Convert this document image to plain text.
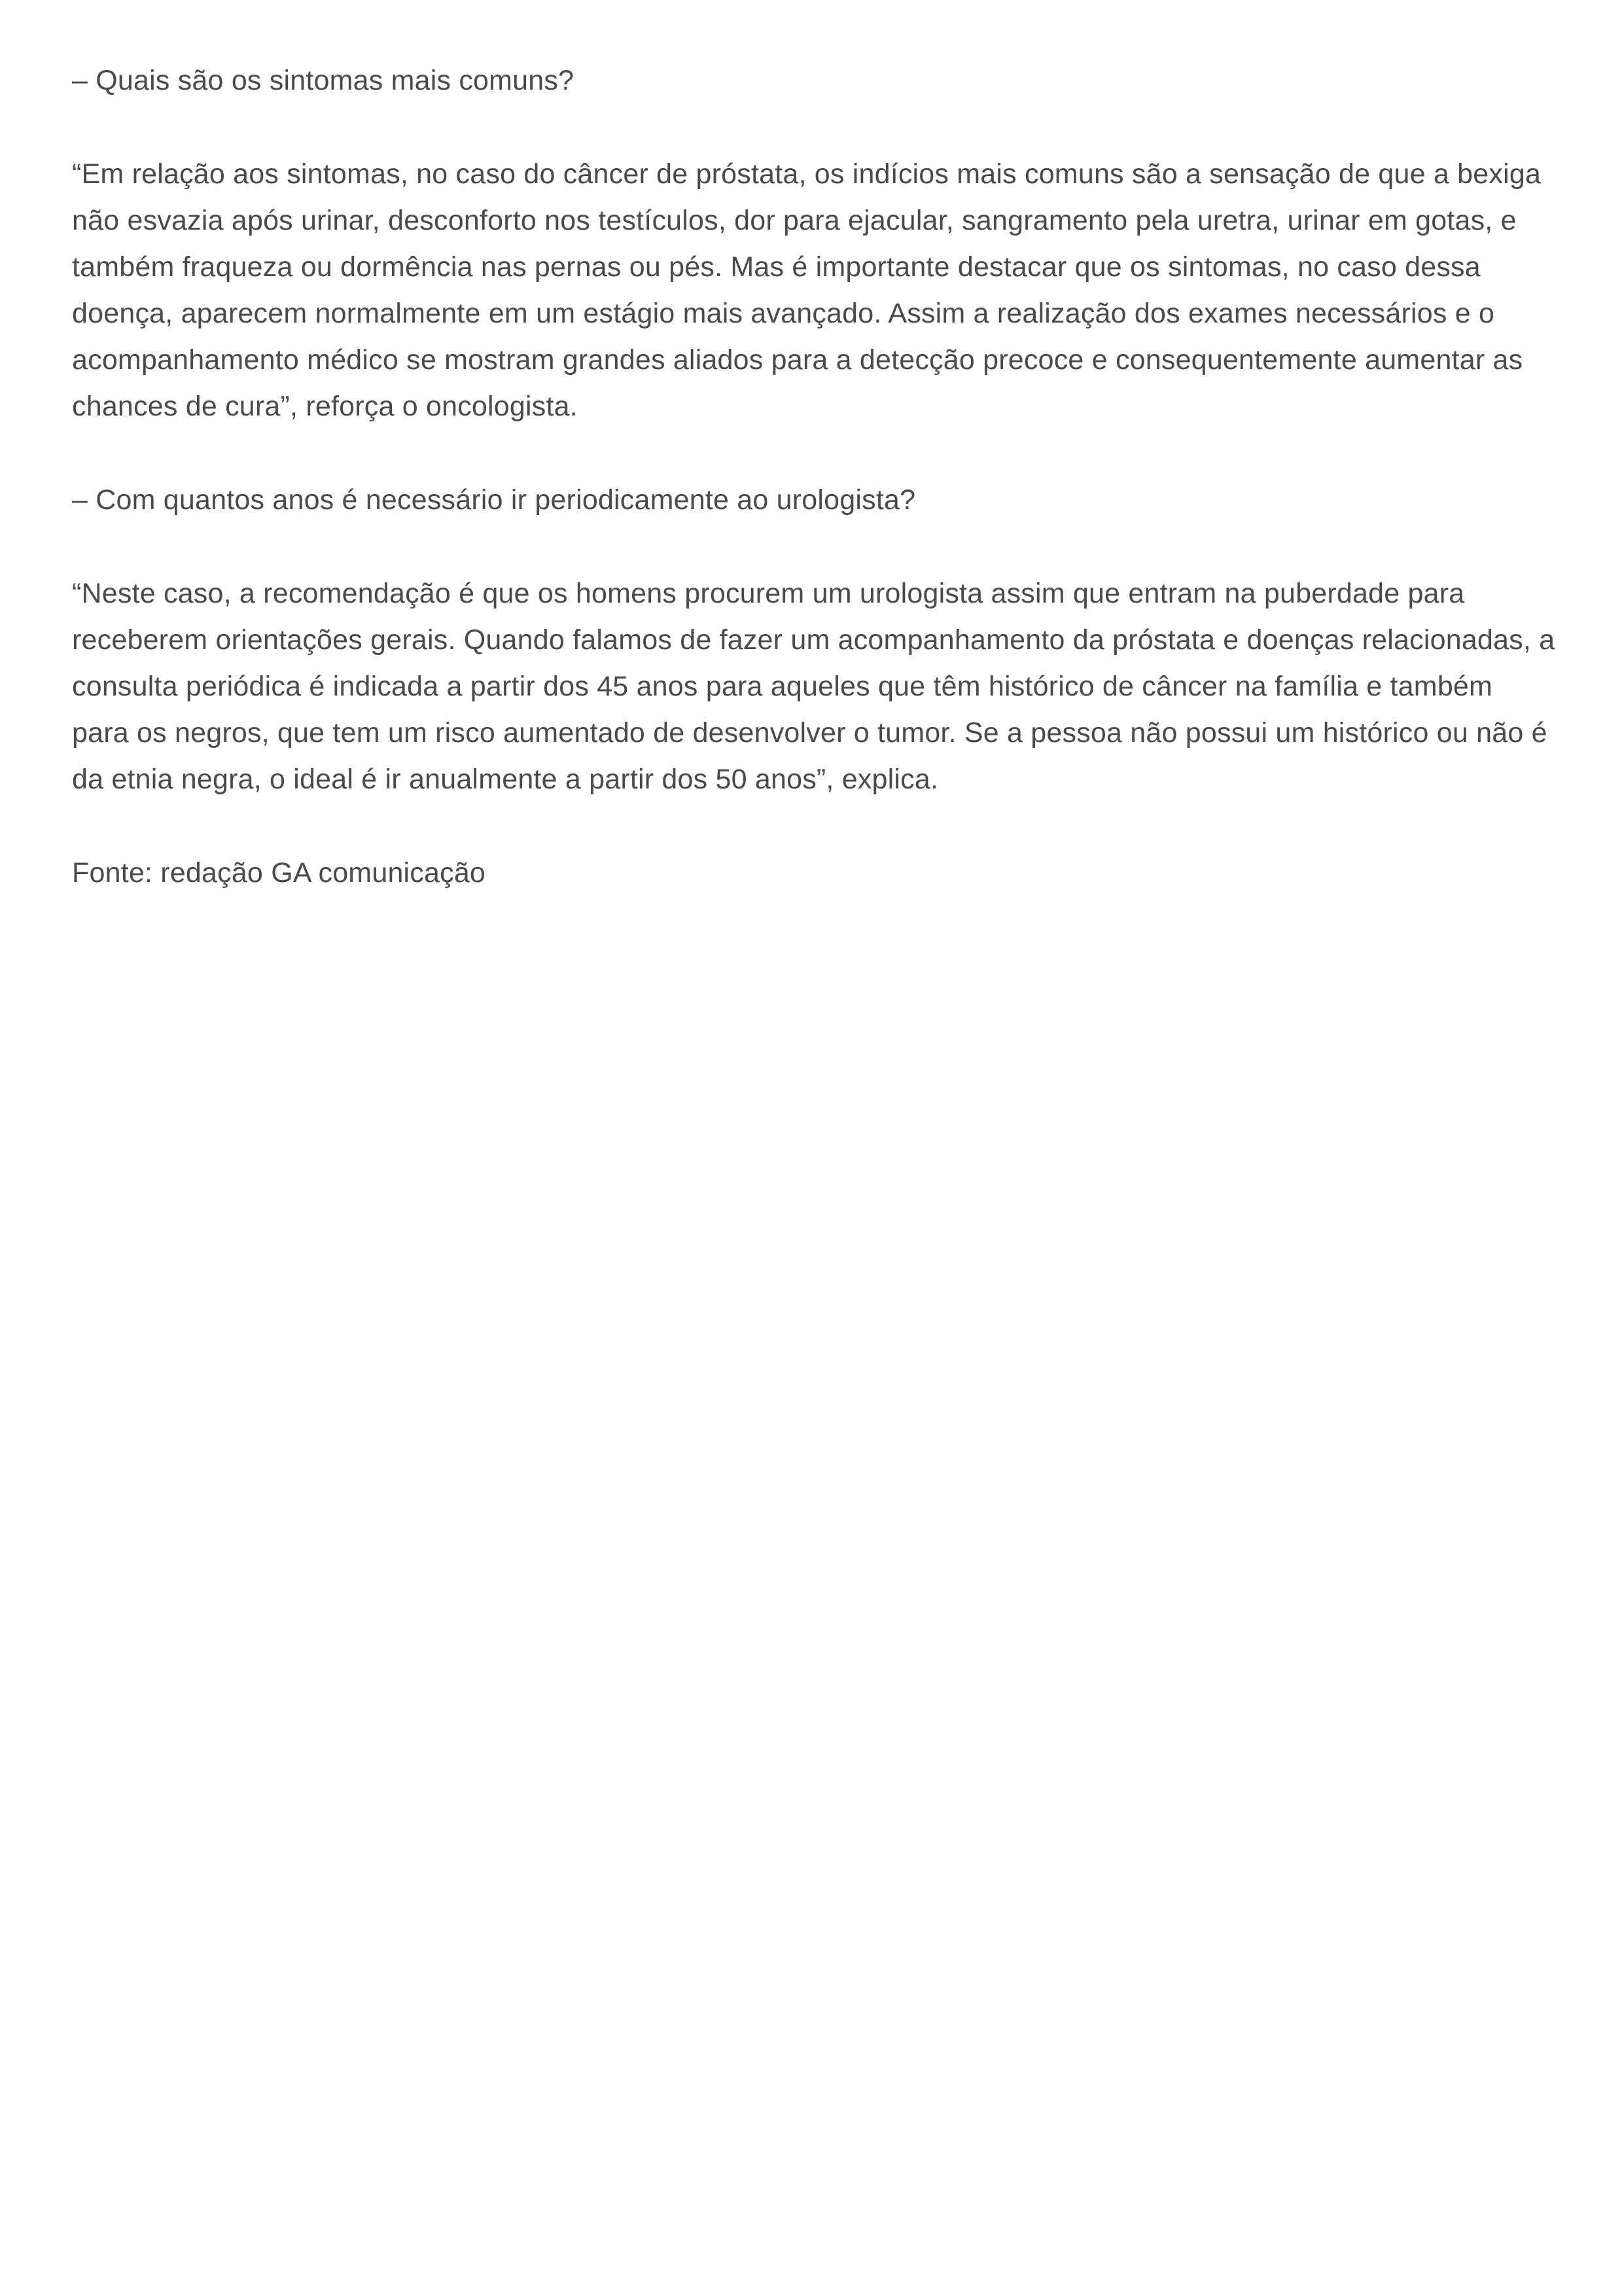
– Quais são os sintomas mais comuns?

“Em relação aos sintomas, no caso do câncer de próstata, os indícios mais comuns são a sensação de que a bexiga não esvazia após urinar, desconforto nos testículos, dor para ejacular, sangramento pela uretra, urinar em gotas, e também fraqueza ou dormência nas pernas ou pés. Mas é importante destacar que os sintomas, no caso dessa doença, aparecem normalmente em um estágio mais avançado. Assim a realização dos exames necessários e o acompanhamento médico se mostram grandes aliados para a detecção precoce e consequentemente aumentar as chances de cura”, reforça o oncologista.

– Com quantos anos é necessário ir periodicamente ao urologista?

“Neste caso, a recomendação é que os homens procurem um urologista assim que entram na puberdade para receberem orientações gerais. Quando falamos de fazer um acompanhamento da próstata e doenças relacionadas, a consulta periódica é indicada a partir dos 45 anos para aqueles que têm histórico de câncer na família e também para os negros, que tem um risco aumentado de desenvolver o tumor. Se a pessoa não possui um histórico ou não é da etnia negra, o ideal é ir anualmente a partir dos 50 anos”, explica.

Fonte: redação GA comunicação
